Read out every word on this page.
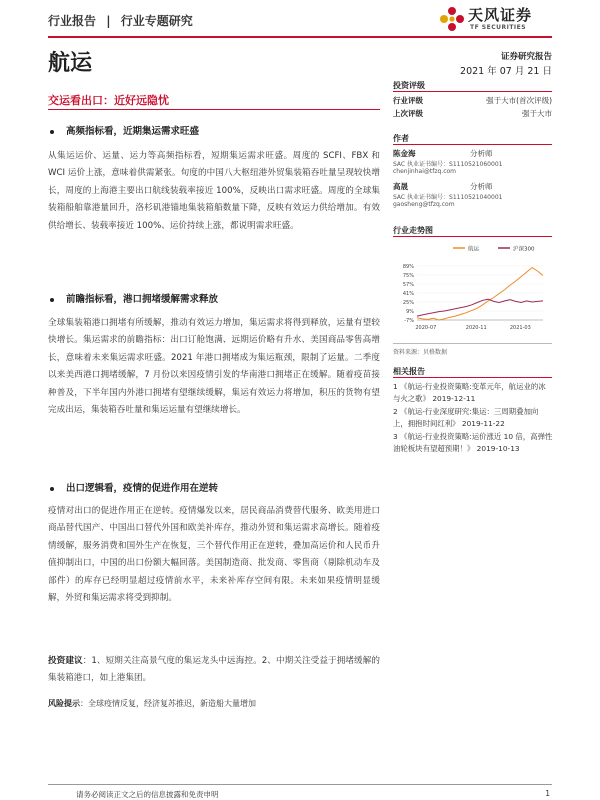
行业报告 | 行业专题研究	天风证券
TF SECURITIES
航运	证券研究报告
2021 年 07 月 21 日
交运看出口：近好远隐忧
高频指标看，近期集运需求旺盛
从集运运价、运量、运力等高频指标看，短期集运需求旺盛。周度的 SCFI、FBX 和 WCI 运价上涨，意味着供需紧张。旬度的中国八大枢纽港外贸集装箱吞吐量呈现较快增长，周度的上海港主要出口航线装载率接近 100%，反映出口需求旺盛。周度的全球集装箱船舶靠港量回升，洛杉矶港锚地集装箱船数量下降，反映有效运力供给增加。有效供给增长、装载率接近 100%、运价持续上涨，都说明需求旺盛。
前瞻指标看，港口拥堵缓解需求释放
全球集装箱港口拥堵有所缓解，推动有效运力增加，集运需求将得到释放，运量有望较快增长。集运需求的前瞻指标：出口订舱饱满、远期运价略有升水、美国商品零售高增长，意味着未来集运需求旺盛。2021 年港口拥堵成为集运瓶颈，限制了运量。二季度以来美西港口拥堵缓解，7 月份以来因疫情引发的华南港口拥堵正在缓解。随着疫苗接种普及，下半年国内外港口拥堵有望继续缓解，集运有效运力将增加，积压的货物有望完成出运，集装箱吞吐量和集运运量有望继续增长。
出口逻辑看，疫情的促进作用在逆转
疫情对出口的促进作用正在逆转。疫情爆发以来，居民商品消费替代服务、欧美用进口商品替代国产、中国出口替代外国和欧美补库存，推动外贸和集运需求高增长。随着疫情缓解，服务消费和国外生产在恢复，三个替代作用正在逆转，叠加高运价和人民币升值抑制出口，中国的出口份额大幅回落。美国制造商、批发商、零售商（剔除机动车及部件）的库存已经明显超过疫情前水平，未来补库存空间有限。未来如果疫情明显缓解，外贸和集运需求将受到抑制。
投资建议：1、短期关注高景气度的集运龙头中远海控。2、中期关注受益于拥堵缓解的集装箱港口，如上港集团。
风险提示：全球疫情反复，经济复苏推迟，新造船大量增加
投资评级
行业评级	强于大市(首次评级)
上次评级	强于大市
作者
陈金海	分析师
SAC 执业证书编号：S1110521060001
chenjinhai@tfzq.com
高晟	分析师
SAC 执业证书编号：S1110521040001
gaosheng@tfzq.com
行业走势图
航运	沪深300
89%
75%
57%
41%
25%
9%
-7%
2020-07	2020-11	2021-03
资料来源：贝格数据
相关报告
1 《航运-行业投资策略:变革元年，航运业的冰与火之歌》 2019-12-11
2 《航运-行业深度研究:集运：三周期叠加向上，拥抱时间红利》 2019-11-22
3 《航运-行业投资策略:运价涨近 10 倍，高弹性油轮板块有望超预期！》 2019-10-13
请务必阅读正文之后的信息披露和免责申明	1
